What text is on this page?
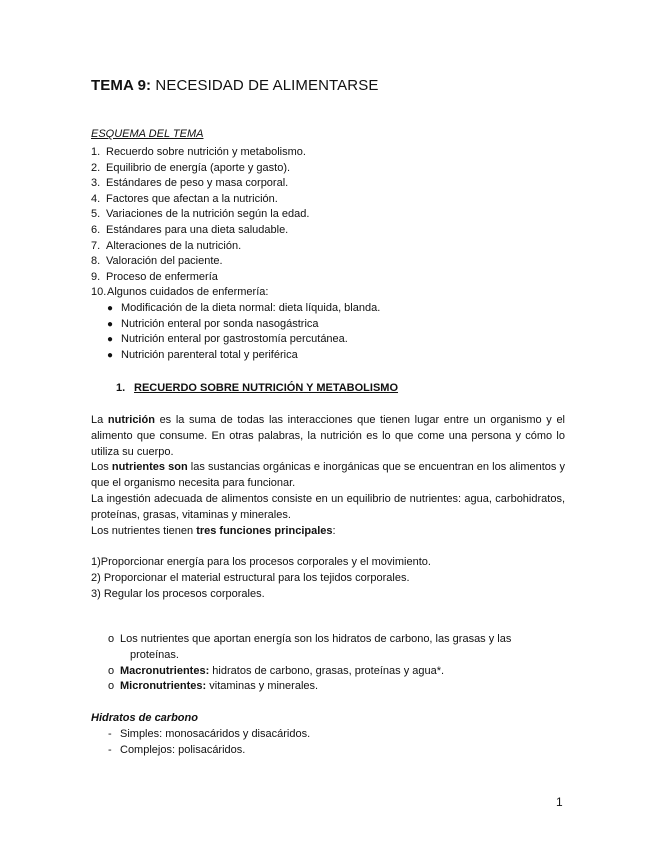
TEMA 9: NECESIDAD DE ALIMENTARSE
ESQUEMA DEL TEMA
1. Recuerdo sobre nutrición y metabolismo.
2. Equilibrio de energía (aporte y gasto).
3. Estándares de peso y masa corporal.
4. Factores que afectan a la nutrición.
5. Variaciones de la nutrición según la edad.
6. Estándares para una dieta saludable.
7. Alteraciones de la nutrición.
8. Valoración del paciente.
9. Proceso de enfermería
10.Algunos cuidados de enfermería:
● Modificación de la dieta normal: dieta líquida, blanda.
● Nutrición enteral por sonda nasogástrica
● Nutrición enteral por gastrostomía percutánea.
● Nutrición parenteral total y periférica
1. RECUERDO SOBRE NUTRICIÓN Y METABOLISMO

La nutrición es la suma de todas las interacciones que tienen lugar entre un organismo y el alimento que consume. En otras palabras, la nutrición es lo que come una persona y cómo lo utiliza su cuerpo.

Los nutrientes son las sustancias orgánicas e inorgánicas que se encuentran en los alimentos y que el organismo necesita para funcionar.

La ingestión adecuada de alimentos consiste en un equilibrio de nutrientes: agua, carbohidratos, proteínas, grasas, vitaminas y minerales.

Los nutrientes tienen tres funciones principales:

1)Proporcionar energía para los procesos corporales y el movimiento.

2) Proporcionar el material estructural para los tejidos corporales.

3) Regular los procesos corporales.

o Los nutrientes que aportan energía son los hidratos de carbono, las grasas y las
proteínas.
o Macronutrientes: hidratos de carbono, grasas, proteínas y agua*.
o Micronutrientes: vitaminas y minerales.
Hidratos de carbono
- Simples: monosacáridos y disacáridos.
- Complejos: polisacáridos.
1
